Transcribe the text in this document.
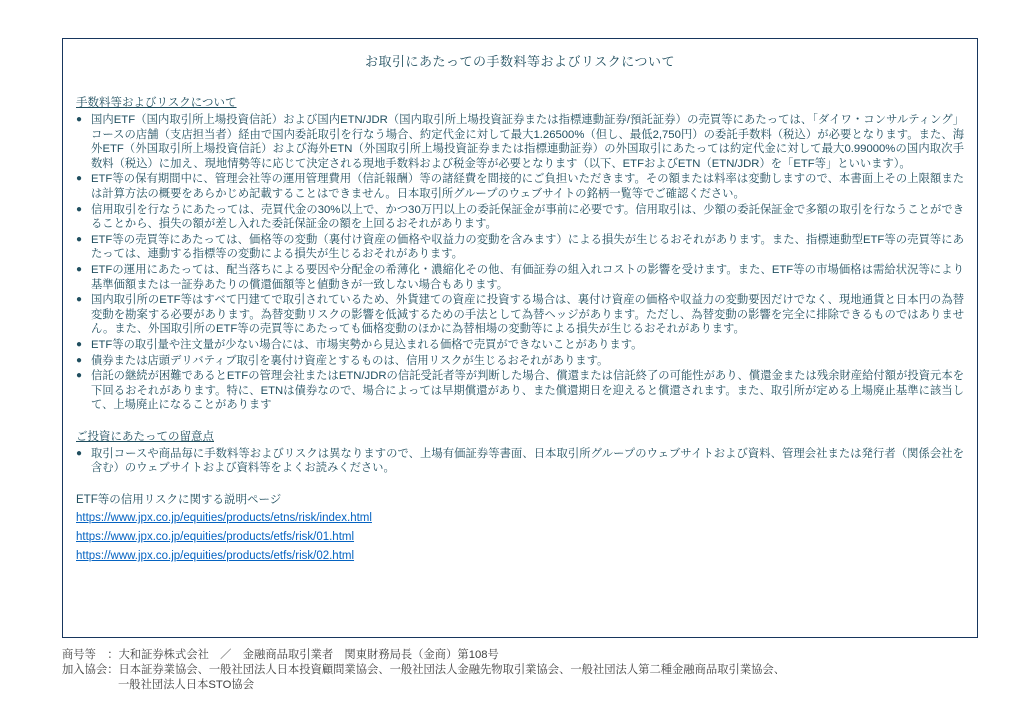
お取引にあたっての手数料等およびリスクについて
手数料等およびリスクについて
● 国内ETF（国内取引所上場投資信託）および国内ETN/JDR（国内取引所上場投資証券または指標連動証券/預託証券）の売買等にあたっては、「ダイワ・コンサルティング」コースの店舗（支店担当者）経由で国内委託取引を行なう場合、約定代金に対して最大1.26500%（但し、最低2,750円）の委託手数料（税込）が必要となります。また、海外ETF（外国取引所上場投資信託）および海外ETN（外国取引所上場投資証券または指標連動証券）の外国取引にあたっては約定代金に対して最大0.99000%の国内取次手数料（税込）に加え、現地情勢等に応じて決定される現地手数料および税金等が必要となります（以下、ETFおよびETN（ETN/JDR）を「ETF等」といいます）。
● ETF等の保有期間中に、管理会社等の運用管理費用（信託報酬）等の諸経費を間接的にご負担いただきます。その額または料率は変動しますので、本書面上その上限額または計算方法の概要をあらかじめ記載することはできません。日本取引所グループのウェブサイトの銘柄一覧等でご確認ください。
● 信用取引を行なうにあたっては、売買代金の30%以上で、かつ30万円以上の委託保証金が事前に必要です。信用取引は、少額の委託保証金で多額の取引を行なうことができることから、損失の額が差し入れた委託保証金の額を上回るおそれがあります。
● ETF等の売買等にあたっては、価格等の変動（裏付け資産の価格や収益力の変動を含みます）による損失が生じるおそれがあります。また、指標連動型ETF等の売買等にあたっては、連動する指標等の変動による損失が生じるおそれがあります。
● ETFの運用にあたっては、配当落ちによる要因や分配金の希薄化・濃縮化その他、有価証券の組入れコストの影響を受けます。また、ETF等の市場価格は需給状況等により基準価額または一証券あたりの償還価額等と値動きが一致しない場合もあります。
● 国内取引所のETF等はすべて円建てで取引されているため、外貨建ての資産に投資する場合は、裏付け資産の価格や収益力の変動要因だけでなく、現地通貨と日本円の為替変動を勘案する必要があります。為替変動リスクの影響を低減するための手法として為替ヘッジがあります。ただし、為替変動の影響を完全に排除できるものではありません。また、外国取引所のETF等の売買等にあたっても価格変動のほかに為替相場の変動等による損失が生じるおそれがあります。
● ETF等の取引量や注文量が少ない場合には、市場実勢から見込まれる価格で売買ができないことがあります。
● 債券または店頭デリバティブ取引を裏付け資産とするものは、信用リスクが生じるおそれがあります。
● 信託の継続が困難であるとETFの管理会社またはETN/JDRの信託受託者等が判断した場合、償還または信託終了の可能性があり、償還金または残余財産給付額が投資元本を下回るおそれがあります。特に、ETNは債券なので、場合によっては早期償還があり、また償還期日を迎えると償還されます。また、取引所が定める上場廃止基準に該当して、上場廃止になることがあります
ご投資にあたっての留意点
● 取引コースや商品毎に手数料等およびリスクは異なりますので、上場有価証券等書面、日本取引所グループのウェブサイトおよび資料、管理会社または発行者（関係会社を含む）のウェブサイトおよび資料等をよくお読みください。
ETF等の信用リスクに関する説明ページ
https://www.jpx.co.jp/equities/products/etns/risk/index.html
https://www.jpx.co.jp/equities/products/etfs/risk/01.html
https://www.jpx.co.jp/equities/products/etfs/risk/02.html
商号等　：大和証券株式会社　／　金融商品取引業者　関東財務局長（金商）第108号
加入協会：日本証券業協会、一般社団法人日本投資顧問業協会、一般社団法人金融先物取引業協会、一般社団法人第二種金融商品取引業協会、
一般社団法人日本STO協会
